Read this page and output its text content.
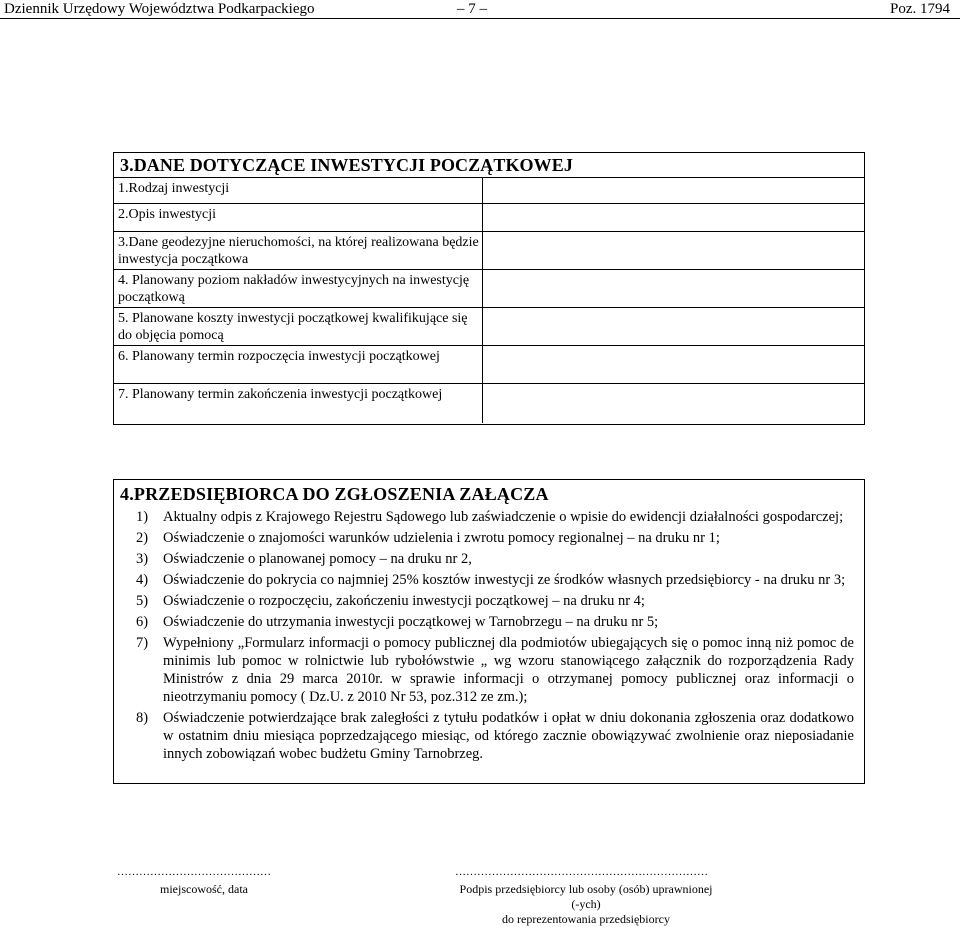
Dziennik Urzędowy Województwa Podkarpackiego	– 7 –	Poz. 1794
3.DANE DOTYCZĄCE INWESTYCJI POCZĄTKOWEJ
1.Rodzaj inwestycji
2.Opis inwestycji
3.Dane geodezyjne nieruchomości, na której realizowana będzie inwestycja początkowa
4. Planowany poziom nakładów inwestycyjnych na inwestycję początkową
5. Planowane koszty inwestycji początkowej kwalifikujące się do objęcia pomocą
6. Planowany termin rozpoczęcia inwestycji początkowej
7. Planowany termin zakończenia inwestycji początkowej
4.PRZEDSIĘBIORCA DO ZGŁOSZENIA ZAŁĄCZA
1)	Aktualny odpis z Krajowego Rejestru Sądowego lub zaświadczenie o wpisie do ewidencji działalności gospodarczej;
2)	Oświadczenie o znajomości warunków udzielenia i zwrotu pomocy regionalnej – na druku nr 1;
3)	Oświadczenie o planowanej pomocy – na druku nr 2,
4)	Oświadczenie do pokrycia co najmniej 25% kosztów inwestycji ze środków własnych przedsiębiorcy - na druku nr 3;
5)	Oświadczenie o rozpoczęciu, zakończeniu inwestycji początkowej – na druku nr 4;
6)	Oświadczenie do utrzymania inwestycji początkowej w Tarnobrzegu – na druku nr 5;
7)	Wypełniony „Formularz informacji o pomocy publicznej dla podmiotów ubiegających się o pomoc inną niż pomoc de minimis lub pomoc w rolnictwie lub rybołówstwie „ wg wzoru stanowiącego załącznik do rozporządzenia Rady Ministrów z dnia 29 marca 2010r. w sprawie informacji o otrzymanej pomocy publicznej oraz informacji o nieotrzymaniu pomocy ( Dz.U. z 2010 Nr 53, poz.312 ze zm.);
8)	Oświadczenie potwierdzające brak zaległości z tytułu podatków i opłat w dniu dokonania zgłoszenia oraz dodatkowo w ostatnim dniu miesiąca poprzedzającego miesiąc, od którego zacznie obowiązywać zwolnienie oraz nieposiadanie innych zobowiązań wobec budżetu Gminy Tarnobrzeg.
……………………………………
miejscowość, data
……………………………………………………………
Podpis przedsiębiorcy lub osoby (osób) uprawnionej (-ych)
do reprezentowania przedsiębiorcy
